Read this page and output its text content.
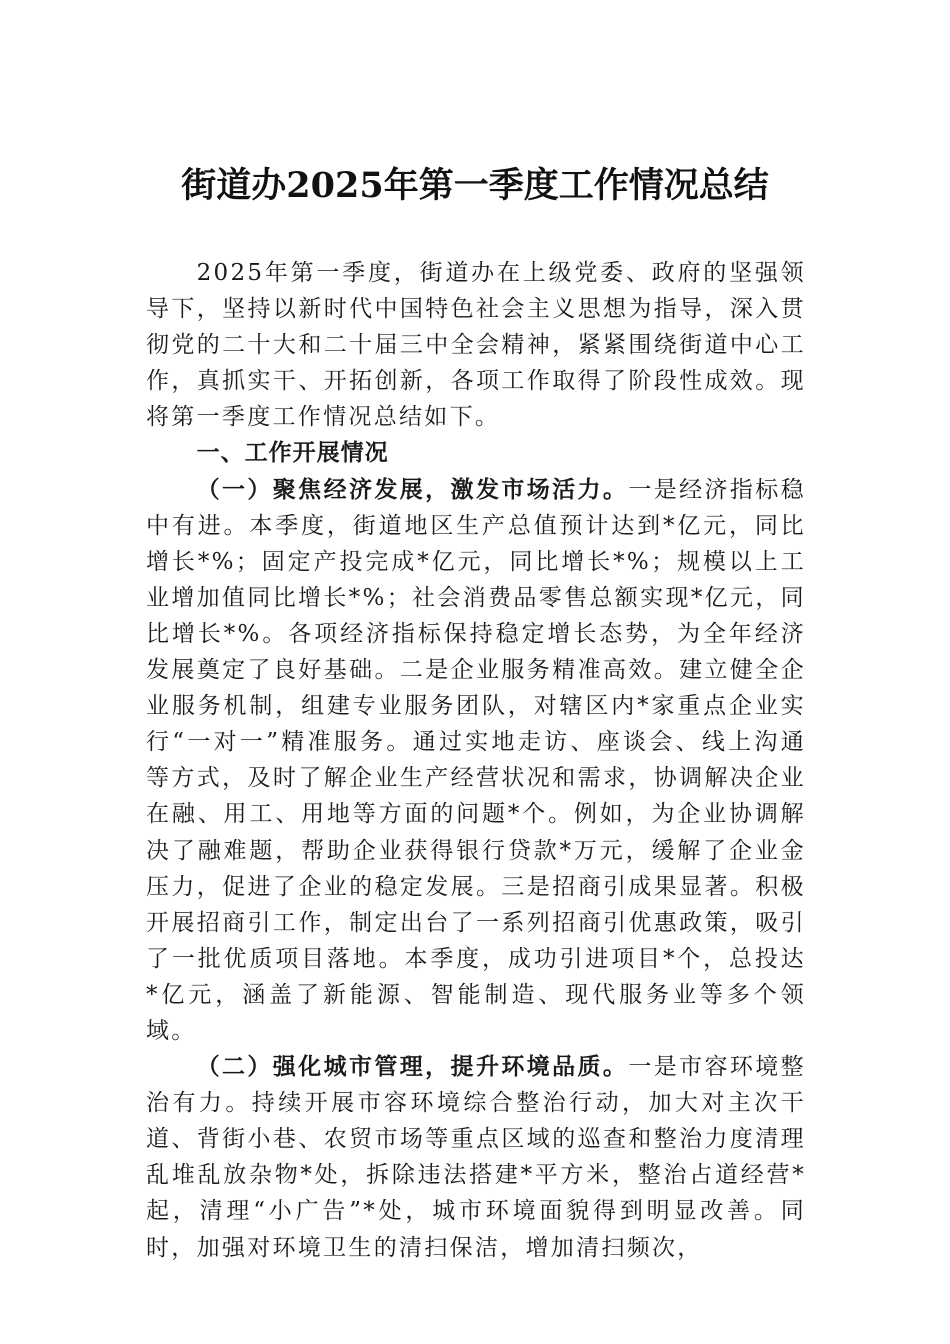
街道办2025年第一季度工作情况总结

2025年第一季度，街道办在上级党委、政府的坚强领导下，坚持以新时代中国特色社会主义思想为指导，深入贯彻党的二十大和二十届三中全会精神，紧紧围绕街道中心工作，真抓实干、开拓创新，各项工作取得了阶段性成效。现将第一季度工作情况总结如下。

一、工作开展情况

（一）聚焦经济发展，激发市场活力。一是经济指标稳中有进。本季度，街道地区生产总值预计达到*亿元，同比增长*%；固定产投完成*亿元，同比增长*%；规模以上工业增加值同比增长*%；社会消费品零售总额实现*亿元，同比增长*%。各项经济指标保持稳定增长态势，为全年经济发展奠定了良好基础。二是企业服务精准高效。建立健全企业服务机制，组建专业服务团队，对辖区内*家重点企业实行“一对一”精准服务。通过实地走访、座谈会、线上沟通等方式，及时了解企业生产经营状况和需求，协调解决企业在融、用工、用地等方面的问题*个。例如，为企业协调解决了融难题，帮助企业获得银行贷款*万元，缓解了企业金压力，促进了企业的稳定发展。三是招商引成果显著。积极开展招商引工作，制定出台了一系列招商引优惠政策，吸引了一批优质项目落地。本季度，成功引进项目*个，总投达*亿元，涵盖了新能源、智能制造、现代服务业等多个领域。

（二）强化城市管理，提升环境品质。一是市容环境整治有力。持续开展市容环境综合整治行动，加大对主次干道、背街小巷、农贸市场等重点区域的巡查和整治力度清理乱堆乱放杂物*处，拆除违法搭建*平方米，整治占道经营*起，清理“小广告”*处，城市环境面貌得到明显改善。同时，加强对环境卫生的清扫保洁，增加清扫频次，
